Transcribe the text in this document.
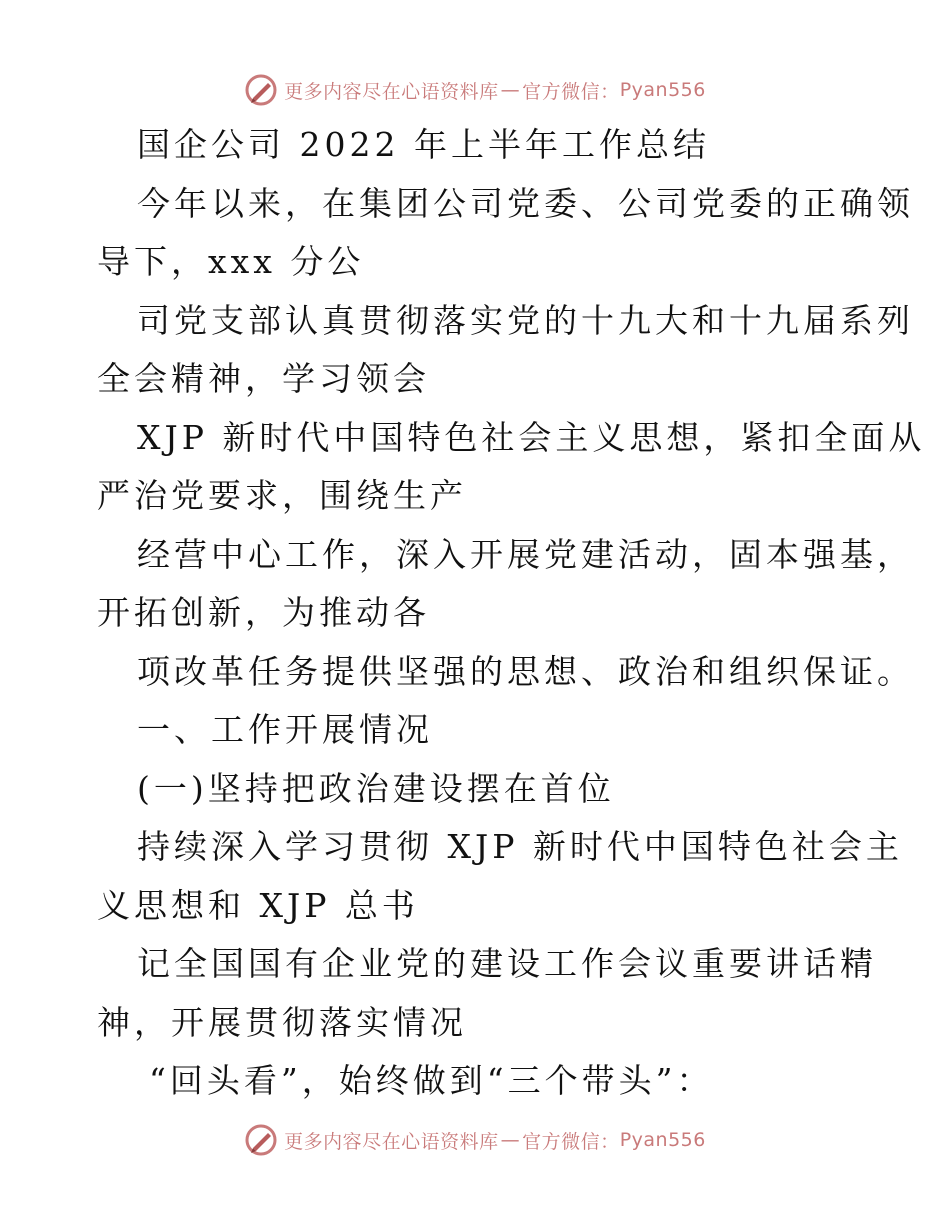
更多内容尽在心语资料库 — 官方微信： Pyan556
国企公司 2022 年上半年工作总结
今年以来，在集团公司党委、公司党委的正确领
导下，xxx 分公
司党支部认真贯彻落实党的十九大和十九届系列
全会精神，学习领会
XJP 新时代中国特色社会主义思想，紧扣全面从
严治党要求，围绕生产
经营中心工作，深入开展党建活动，固本强基，
开拓创新，为推动各
项改革任务提供坚强的思想、政治和组织保证。
一、工作开展情况
(一)坚持把政治建设摆在首位
持续深入学习贯彻 XJP 新时代中国特色社会主
义思想和 XJP 总书
记全国国有企业党的建设工作会议重要讲话精
神，开展贯彻落实情况
“回头看”，始终做到“三个带头”：
更多内容尽在心语资料库 — 官方微信： Pyan556
